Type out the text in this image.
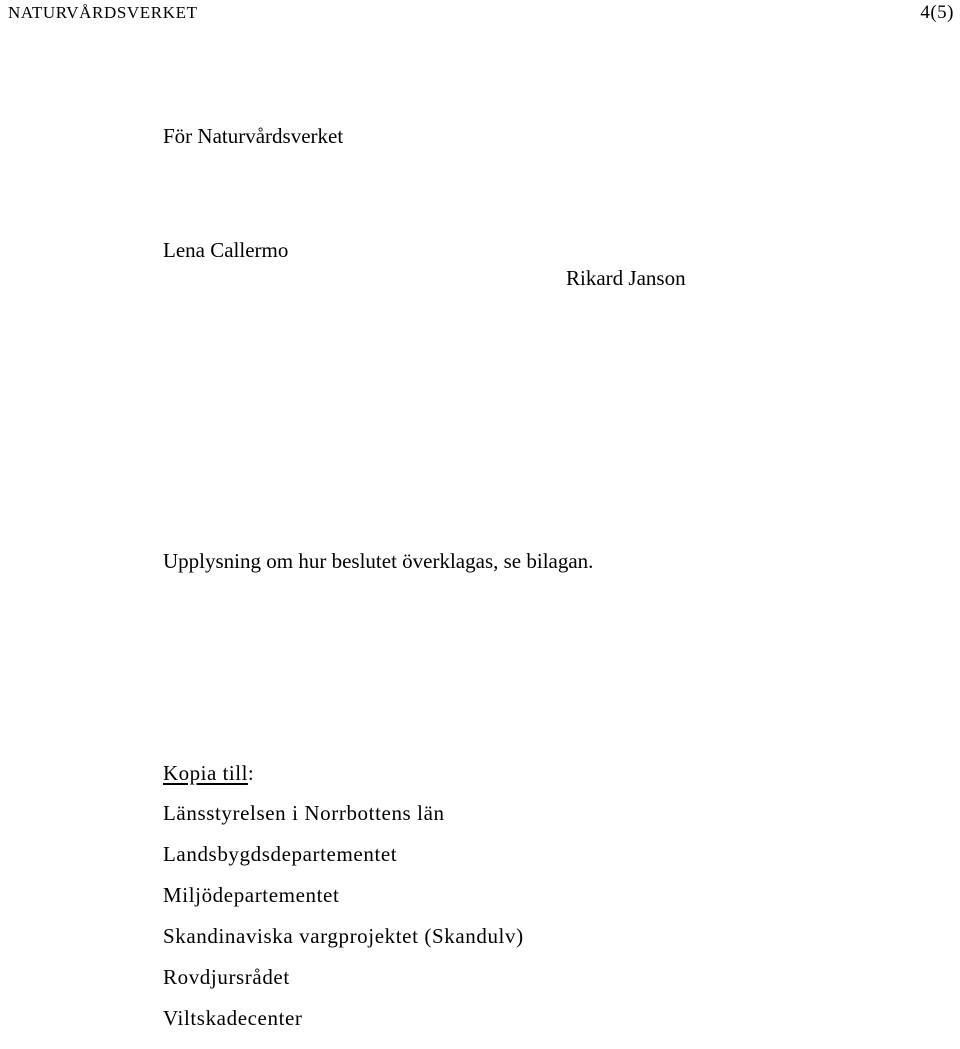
NATURVÅRDSVERKET	4(5)
För Naturvårdsverket
Lena Callermo
Rikard Janson
Upplysning om hur beslutet överklagas, se bilagan.
Kopia till:
Länsstyrelsen i Norrbottens län
Landsbygdsdepartementet
Miljödepartementet
Skandinaviska vargprojektet (Skandulv)
Rovdjursrådet
Viltskadecenter
